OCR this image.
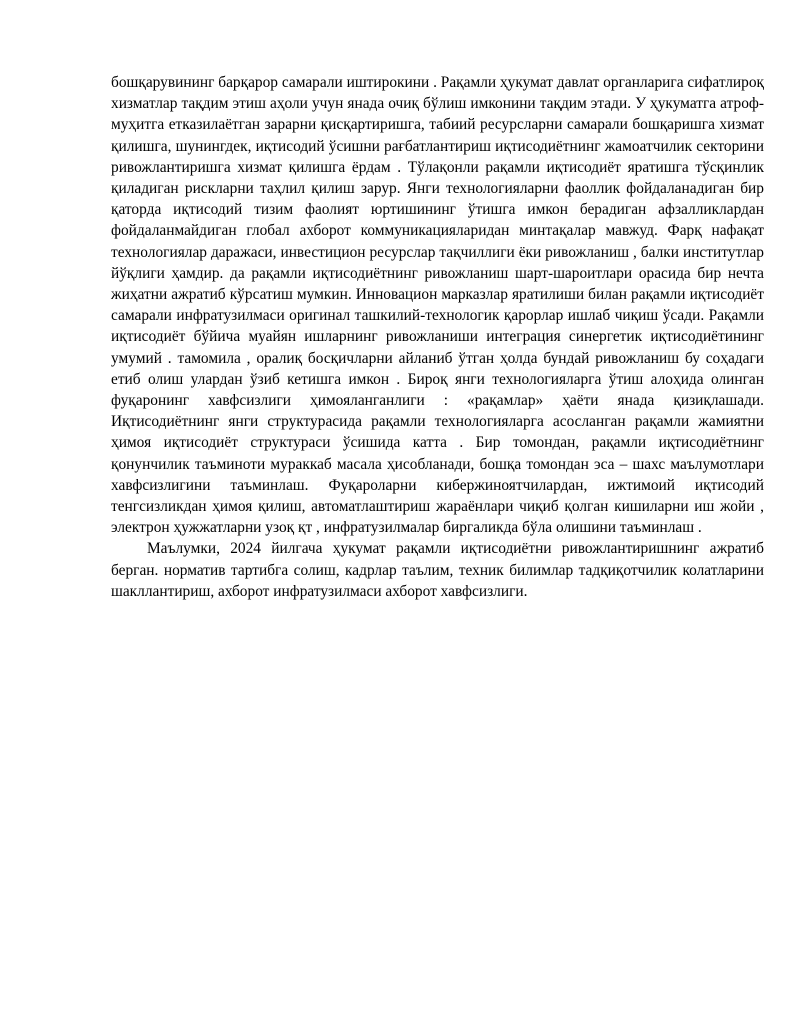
бошқарувининг барқарор самарали иштирокини . Рақамли ҳукумат давлат органларига сифатлироқ хизматлар тақдим этиш аҳоли учун янада очиқ бўлиш имконини тақдим этади. У ҳукуматга атроф-муҳитга етказилаётган зарарни қисқартиришга, табиий ресурсларни самарали бошқаришга хизмат қилишга, шунингдек, иқтисодий ўсишни рағбатлантириш иқтисодиётнинг жамоатчилик секторини ривожлантиришга хизмат қилишга ёрдам . Тўлақонли рақамли иқтисодиёт яратишга тўсқинлик қиладиган рискларни таҳлил қилиш зарур. Янги технологияларни фаоллик фойдаланадиган бир қаторда иқтисодий тизим фаолият юртишининг ўтишга имкон берадиган афзалликлардан фойдаланмайдиган глобал ахборот коммуникацияларидан минтақалар мавжуд. Фарқ нафақат технологиялар даражаси, инвестицион ресурслар тақчиллиги ёки ривожланиш , балки институтлар йўқлиги ҳамдир. да рақамли иқтисодиётнинг ривожланиш шарт-шароитлари орасида бир нечта жиҳатни ажратиб кўрсатиш мумкин. Инновацион марказлар яратилиши билан рақамли иқтисодиёт самарали инфратузилмаси оригинал ташкилий-технологик қарорлар ишлаб чиқиш ўсади. Рақамли иқтисодиёт бўйича муайян ишларнинг ривожланиши интеграция синергетик иқтисодиётининг умумий . тамомила , оралиқ босқичларни айланиб ўтган ҳолда бундай ривожланиш бу соҳадаги етиб олиш улардан ўзиб кетишга имкон . Бироқ янги технологияларга ўтиш алоҳида олинган фуқаронинг хавфсизлиги ҳимояланганлиги : «рақамлар» ҳаёти янада қизиқлашади. Иқтисодиётнинг янги структурасида рақамли технологияларга асосланган рақамли жамиятни ҳимоя иқтисодиёт структураси ўсишида катта . Бир томондан, рақамли иқтисодиётнинг қонунчилик таъминоти мураккаб масала ҳисобланади, бошқа томондан эса – шахс маълумотлари хавфсизлигини таъминлаш. Фуқароларни кибержиноятчилардан, ижтимоий иқтисодий тенгсизликдан ҳимоя қилиш, автоматлаштириш жараёнлари чиқиб қолган кишиларни иш жойи , электрон ҳужжатларни узоқ қт , инфратузилмалар биргаликда бўла олишини таъминлаш .

Маълумки, 2024 йилгача ҳукумат рақамли иқтисодиётни ривожлантиришнинг ажратиб берган. норматив тартибга солиш, кадрлар таълим, техник билимлар тадқиқотчилик колатларини шакллантириш, ахборот инфратузилмаси ахборот хавфсизлиги.
